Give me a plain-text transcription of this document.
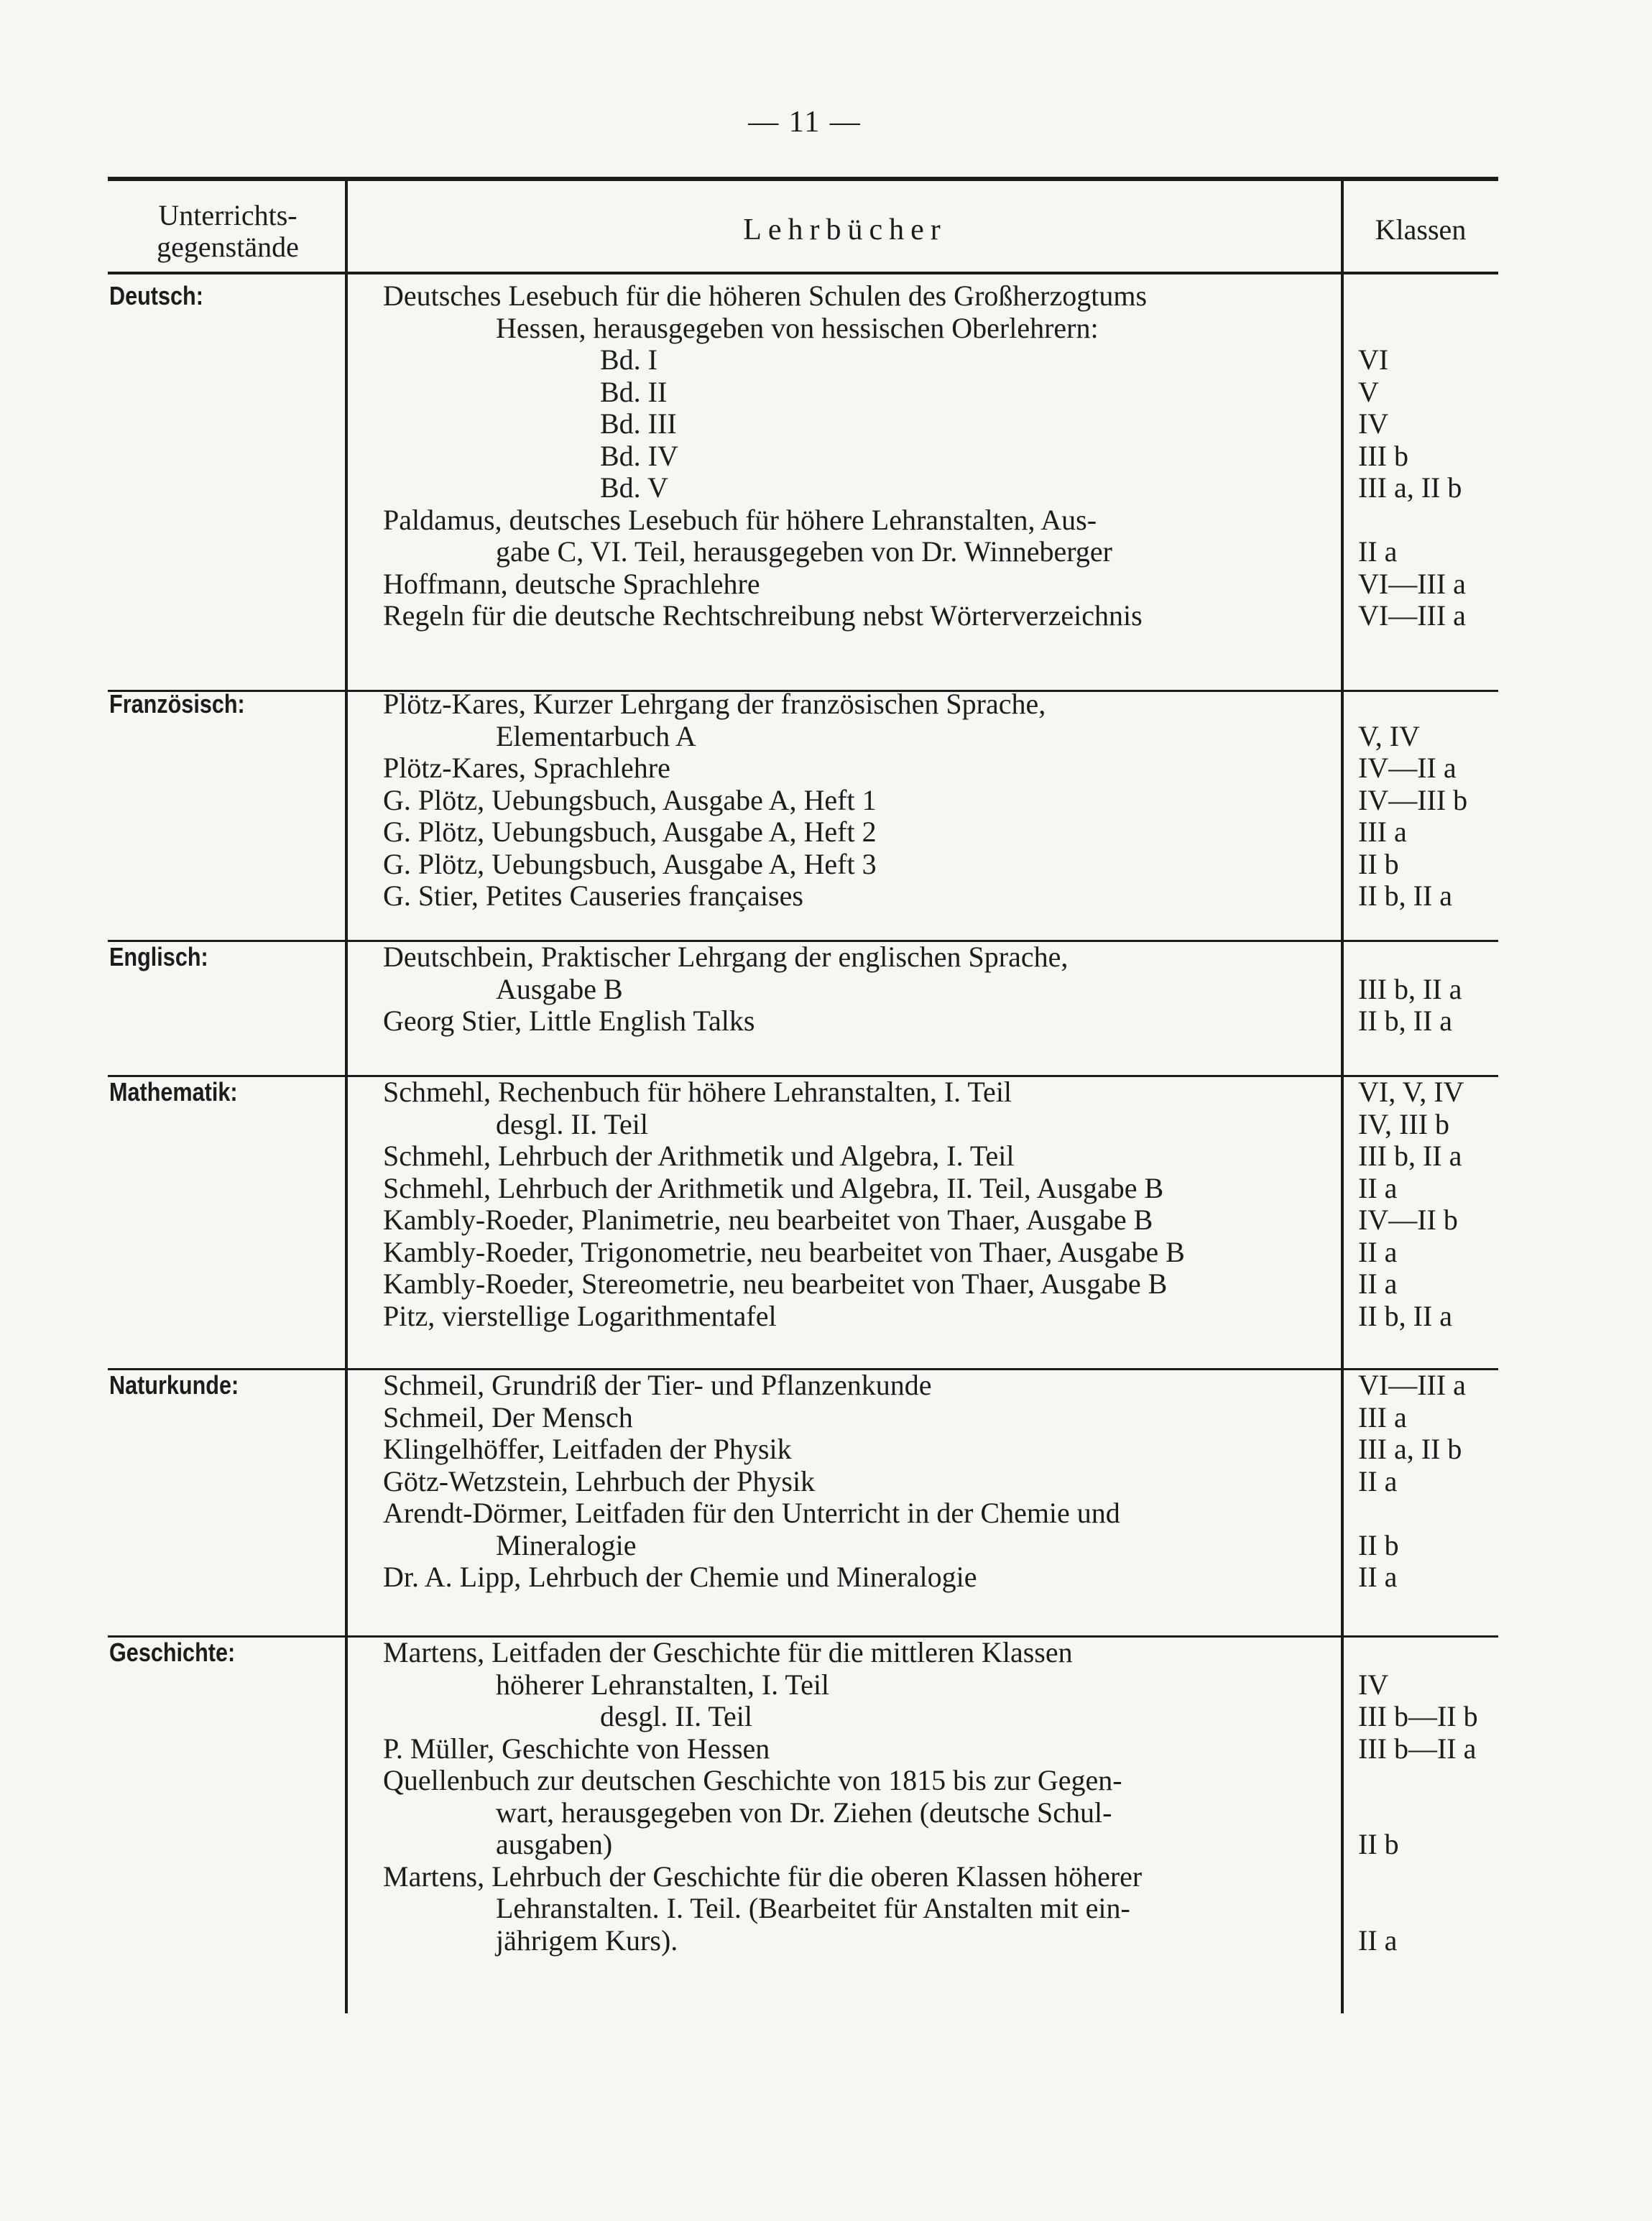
— 11 —
Unterrichts-
gegenstände
Lehrbücher	Klassen
Deutsch:	Deutsches Lesebuch für die höheren Schulen des Großherzogtums
Hessen, herausgegeben von hessischen Oberlehrern:
Bd. I	VI
Bd. II	V
Bd. III	IV
Bd. IV	III b
Bd. V	III a, II b
Paldamus, deutsches Lesebuch für höhere Lehranstalten, Aus-
gabe C, VI. Teil, herausgegeben von Dr. Winneberger	II a
Hoffmann, deutsche Sprachlehre	VI—III a
Regeln für die deutsche Rechtschreibung nebst Wörterverzeichnis	VI—III a
Französisch:	Plötz-Kares, Kurzer Lehrgang der französischen Sprache,
Elementarbuch A	V, IV
Plötz-Kares, Sprachlehre	IV—II a
G. Plötz, Uebungsbuch, Ausgabe A, Heft 1	IV—III b
G. Plötz, Uebungsbuch, Ausgabe A, Heft 2	III a
G. Plötz, Uebungsbuch, Ausgabe A, Heft 3	II b
G. Stier, Petites Causeries françaises	II b, II a
Englisch:	Deutschbein, Praktischer Lehrgang der englischen Sprache,
Ausgabe B	III b, II a
Georg Stier, Little English Talks	II b, II a
Mathematik:	Schmehl, Rechenbuch für höhere Lehranstalten, I. Teil	VI, V, IV
desgl. II. Teil	IV, III b
Schmehl, Lehrbuch der Arithmetik und Algebra, I. Teil	III b, II a
Schmehl, Lehrbuch der Arithmetik und Algebra, II. Teil, Ausgabe B	II a
Kambly-Roeder, Planimetrie, neu bearbeitet von Thaer, Ausgabe B	IV—II b
Kambly-Roeder, Trigonometrie, neu bearbeitet von Thaer, Ausgabe B	II a
Kambly-Roeder, Stereometrie, neu bearbeitet von Thaer, Ausgabe B	II a
Pitz, vierstellige Logarithmentafel	II b, II a
Naturkunde:	Schmeil, Grundriß der Tier- und Pflanzenkunde	VI—III a
Schmeil, Der Mensch	III a
Klingelhöffer, Leitfaden der Physik	III a, II b
Götz-Wetzstein, Lehrbuch der Physik	II a
Arendt-Dörmer, Leitfaden für den Unterricht in der Chemie und
Mineralogie	II b
Dr. A. Lipp, Lehrbuch der Chemie und Mineralogie	II a
Geschichte:	Martens, Leitfaden der Geschichte für die mittleren Klassen
höherer Lehranstalten, I. Teil	IV
desgl. II. Teil	III b—II b
P. Müller, Geschichte von Hessen	III b—II a
Quellenbuch zur deutschen Geschichte von 1815 bis zur Gegen-
wart, herausgegeben von Dr. Ziehen (deutsche Schul-
ausgaben)	II b
Martens, Lehrbuch der Geschichte für die oberen Klassen höherer
Lehranstalten. I. Teil. (Bearbeitet für Anstalten mit ein-
jährigem Kurs).	II a
